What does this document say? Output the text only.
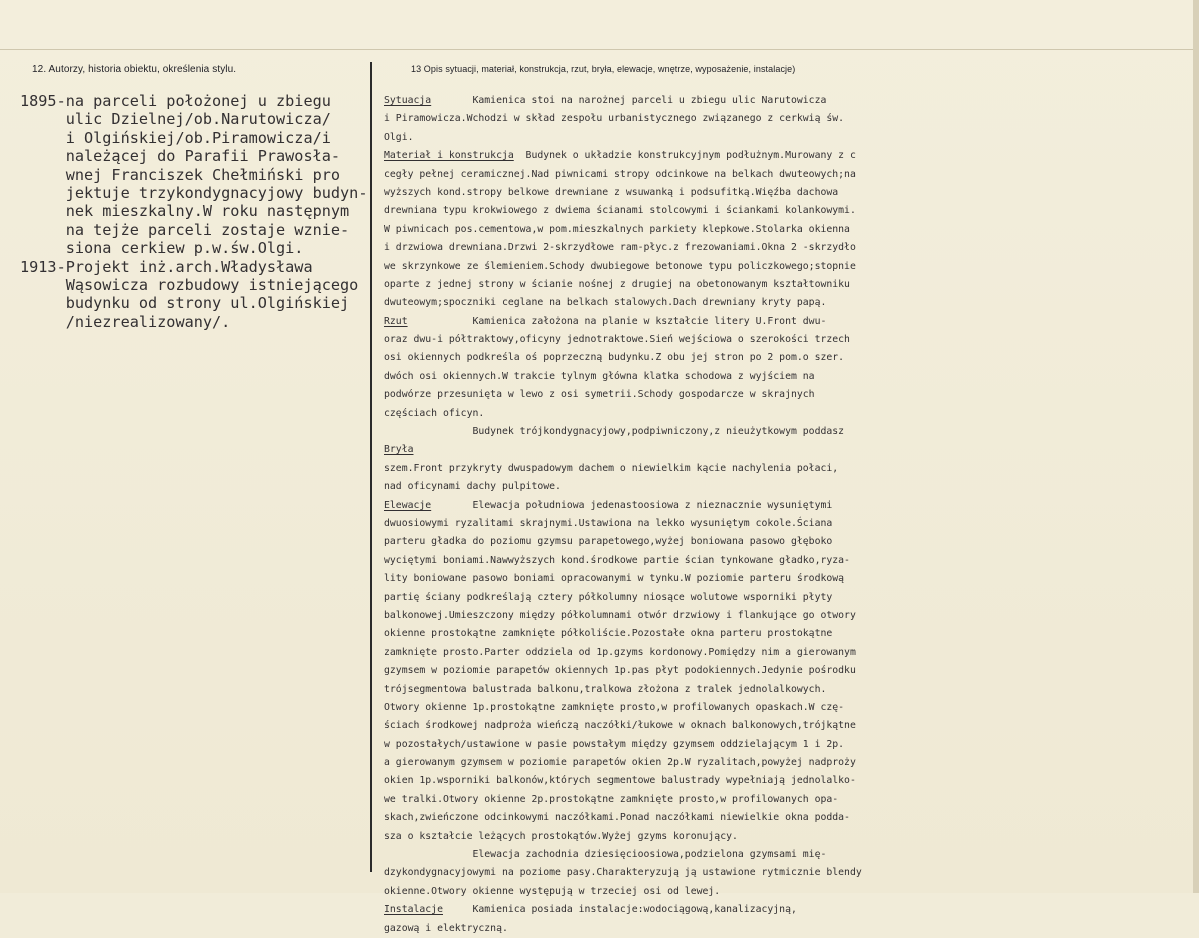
12. Autorzy, historia obiektu, określenia stylu.	13 Opis sytuacji, materiał, konstrukcja, rzut, bryła, elewacje, wnętrze, wyposażenie, instalacje)
1895-na parceli położonej u zbiegu
ulic Dzielnej/ob.Narutowicza/
i Olgińskiej/ob.Piramowicza/i
należącej do Parafii Prawosła-
wnej Franciszek Chełmiński pro
jektuje trzykondygnacyjowy budyn-
nek mieszkalny.W roku następnym
na tejże parceli zostaje wznie-
siona cerkiew p.w.św.Olgi.
1913-Projekt inż.arch.Władysława
Wąsowicza rozbudowy istniejącego
budynku od strony ul.Olgińskiej
/niezrealizowany/.
Sytuacja       Kamienica stoi na narożnej parceli u zbiegu ulic Narutowicza
i Piramowicza.Wchodzi w skład zespołu urbanistycznego związanego z cerkwią św.
Olgi.
Materiał i konstrukcja  Budynek o układzie konstrukcyjnym podłużnym.Murowany z c
cegły pełnej ceramicznej.Nad piwnicami stropy odcinkowe na belkach dwuteowych;na
wyższych kond.stropy belkowe drewniane z wsuwanką i podsufitką.Więźba dachowa
drewniana typu krokwiowego z dwiema ścianami stolcowymi i ściankami kolankowymi.
W piwnicach pos.cementowa,w pom.mieszkalnych parkiety klepkowe.Stolarka okienna
i drzwiowa drewniana.Drzwi 2-skrzydłowe ram-płyc.z frezowaniami.Okna 2 -skrzydło
we skrzynkowe ze ślemieniem.Schody dwubiegowe betonowe typu policzkowego;stopnie
oparte z jednej strony w ścianie nośnej z drugiej na obetonowanym kształtowniku
dwuteowym;spoczniki ceglane na belkach stalowych.Dach drewniany kryty papą.
Rzut           Kamienica założona na planie w kształcie litery U.Front dwu-
oraz dwu-i półtraktowy,oficyny jednotraktowe.Sień wejściowa o szerokości trzech
osi okiennych podkreśla oś poprzeczną budynku.Z obu jej stron po 2 pom.o szer.
dwóch osi okiennych.W trakcie tylnym główna klatka schodowa z wyjściem na
podwórze przesunięta w lewo z osi symetrii.Schody gospodarcze w skrajnych
częściach oficyn.
Budynek trójkondygnacyjowy,podpiwniczony,z nieużytkowym poddasz
Bryła
szem.Front przykryty dwuspadowym dachem o niewielkim kącie nachylenia połaci,
nad oficynami dachy pulpitowe.
Elewacje       Elewacja południowa jedenastoosiowa z nieznacznie wysuniętymi
dwuosiowymi ryzalitami skrajnymi.Ustawiona na lekko wysuniętym cokole.Ściana
parteru gładka do poziomu gzymsu parapetowego,wyżej boniowana pasowo głęboko
wyciętymi boniami.Nawwyższych kond.środkowe partie ścian tynkowane gładko,ryza-
lity boniowane pasowo boniami opracowanymi w tynku.W poziomie parteru środkową
partię ściany podkreślają cztery półkolumny niosące wolutowe wsporniki płyty
balkonowej.Umieszczony między półkolumnami otwór drzwiowy i flankujące go otwory
okienne prostokątne zamknięte półkoliście.Pozostałe okna parteru prostokątne
zamknięte prosto.Parter oddziela od 1p.gzyms kordonowy.Pomiędzy nim a gierowanym
gzymsem w poziomie parapetów okiennych 1p.pas płyt podokiennych.Jedynie pośrodku
trójsegmentowa balustrada balkonu,tralkowa złożona z tralek jednolalkowych.
Otwory okienne 1p.prostokątne zamknięte prosto,w profilowanych opaskach.W czę-
ściach środkowej nadproża wieńczą naczółki/łukowe w oknach balkonowych,trójkątne
w pozostałych/ustawione w pasie powstałym między gzymsem oddzielającym 1 i 2p.
a gierowanym gzymsem w poziomie parapetów okien 2p.W ryzalitach,powyżej nadproży
okien 1p.wsporniki balkonów,których segmentowe balustrady wypełniają jednolalko-
we tralki.Otwory okienne 2p.prostokątne zamknięte prosto,w profilowanych opa-
skach,zwieńczone odcinkowymi naczółkami.Ponad naczółkami niewielkie okna podda-
sza o kształcie leżących prostokątów.Wyżej gzyms koronujący.
Elewacja zachodnia dziesięcioosiowa,podzielona gzymsami mię-
dzykondygnacyjowymi na poziome pasy.Charakteryzują ją ustawione rytmicznie blendy
okienne.Otwory okienne występują w trzeciej osi od lewej.
Instalacje     Kamienica posiada instalacje:wodociągową,kanalizacyjną,
gazową i elektryczną.
